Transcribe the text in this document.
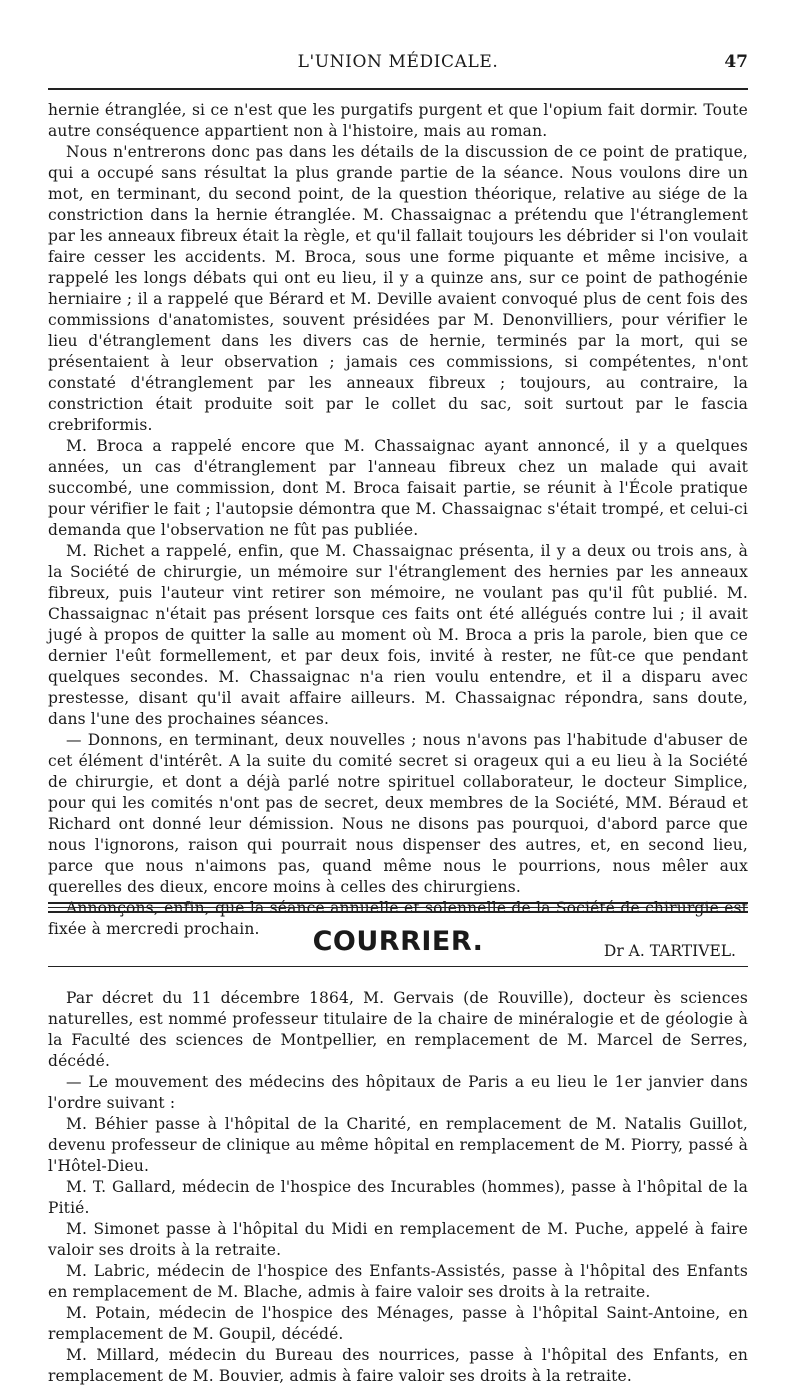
L'UNION MÉDICALE.	47

hernie étranglée, si ce n'est que les purgatifs purgent et que l'opium fait dormir. Toute autre conséquence appartient non à l'histoire, mais au roman.

Nous n'entrerons donc pas dans les détails de la discussion de ce point de pratique, qui a occupé sans résultat la plus grande partie de la séance. Nous voulons dire un mot, en terminant, du second point, de la question théorique, relative au siége de la constriction dans la hernie étranglée. M. Chassaignac a prétendu que l'étranglement par les anneaux fibreux était la règle, et qu'il fallait toujours les débrider si l'on voulait faire cesser les accidents. M. Broca, sous une forme piquante et même incisive, a rappelé les longs débats qui ont eu lieu, il y a quinze ans, sur ce point de pathogénie herniaire ; il a rappelé que Bérard et M. Deville avaient convoqué plus de cent fois des commissions d'anatomistes, souvent présidées par M. Denonvilliers, pour vérifier le lieu d'étranglement dans les divers cas de hernie, terminés par la mort, qui se présentaient à leur observation ; jamais ces commissions, si compétentes, n'ont constaté d'étranglement par les anneaux fibreux ; toujours, au contraire, la constriction était produite soit par le collet du sac, soit surtout par le fascia crebriformis.

M. Broca a rappelé encore que M. Chassaignac ayant annoncé, il y a quelques années, un cas d'étranglement par l'anneau fibreux chez un malade qui avait succombé, une commission, dont M. Broca faisait partie, se réunit à l'École pratique pour vérifier le fait ; l'autopsie démontra que M. Chassaignac s'était trompé, et celui-ci demanda que l'observation ne fût pas publiée.

M. Richet a rappelé, enfin, que M. Chassaignac présenta, il y a deux ou trois ans, à la Société de chirurgie, un mémoire sur l'étranglement des hernies par les anneaux fibreux, puis l'auteur vint retirer son mémoire, ne voulant pas qu'il fût publié. M. Chassaignac n'était pas présent lorsque ces faits ont été allégués contre lui ; il avait jugé à propos de quitter la salle au moment où M. Broca a pris la parole, bien que ce dernier l'eût formellement, et par deux fois, invité à rester, ne fût-ce que pendant quelques secondes. M. Chassaignac n'a rien voulu entendre, et il a disparu avec prestesse, disant qu'il avait affaire ailleurs. M. Chassaignac répondra, sans doute, dans l'une des prochaines séances.

— Donnons, en terminant, deux nouvelles ; nous n'avons pas l'habitude d'abuser de cet élément d'intérêt. A la suite du comité secret si orageux qui a eu lieu à la Société de chirurgie, et dont a déjà parlé notre spirituel collaborateur, le docteur Simplice, pour qui les comités n'ont pas de secret, deux membres de la Société, MM. Béraud et Richard ont donné leur démission. Nous ne disons pas pourquoi, d'abord parce que nous l'ignorons, raison qui pourrait nous dispenser des autres, et, en second lieu, parce que nous n'aimons pas, quand même nous le pourrions, nous mêler aux querelles des dieux, encore moins à celles des chirurgiens.

Annonçons, enfin, que la séance annuelle et solennelle de la Société de chirurgie est fixée à mercredi prochain.

Dr A. TARTIVEL.
COURRIER.

Par décret du 11 décembre 1864, M. Gervais (de Rouville), docteur ès sciences naturelles, est nommé professeur titulaire de la chaire de minéralogie et de géologie à la Faculté des sciences de Montpellier, en remplacement de M. Marcel de Serres, décédé.

— Le mouvement des médecins des hôpitaux de Paris a eu lieu le 1er janvier dans l'ordre suivant :

M. Béhier passe à l'hôpital de la Charité, en remplacement de M. Natalis Guillot, devenu professeur de clinique au même hôpital en remplacement de M. Piorry, passé à l'Hôtel-Dieu.

M. T. Gallard, médecin de l'hospice des Incurables (hommes), passe à l'hôpital de la Pitié.

M. Simonet passe à l'hôpital du Midi en remplacement de M. Puche, appelé à faire valoir ses droits à la retraite.

M. Labric, médecin de l'hospice des Enfants-Assistés, passe à l'hôpital des Enfants en remplacement de M. Blache, admis à faire valoir ses droits à la retraite.

M. Potain, médecin de l'hospice des Ménages, passe à l'hôpital Saint-Antoine, en remplacement de M. Goupil, décédé.

M. Millard, médecin du Bureau des nourrices, passe à l'hôpital des Enfants, en remplacement de M. Bouvier, admis à faire valoir ses droits à la retraite.
